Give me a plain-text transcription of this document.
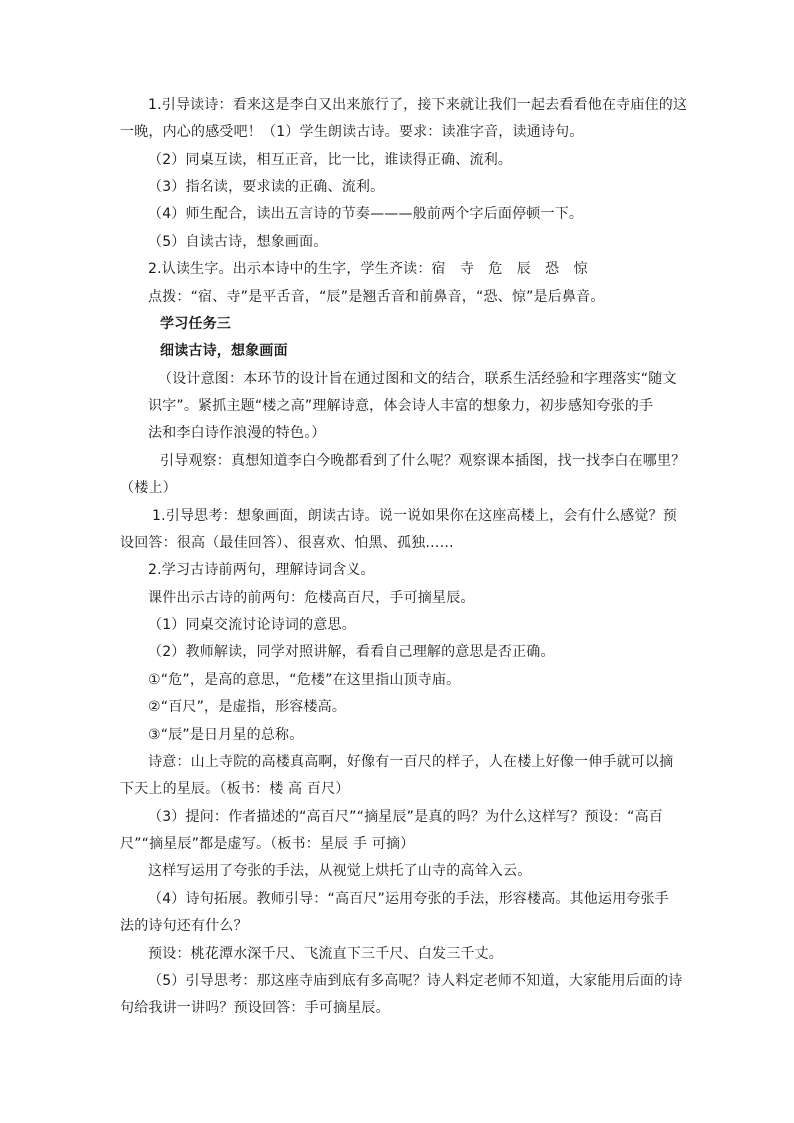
1.引导读诗：看来这是李白又出来旅行了，接下来就让我们一起去看看他在寺庙住的这
一晚，内心的感受吧！（1）学生朗读古诗。要求：读准字音，读通诗句。
（2）同桌互读，相互正音，比一比，谁读得正确、流利。
（3）指名读，要求读的正确、流利。
（4）师生配合，读出五言诗的节奏———般前两个字后面停顿一下。
（5）自读古诗，想象画面。
2.认读生字。出示本诗中的生字，学生齐读：宿　寺　危　辰　恐　惊
点拨：“宿、寺”是平舌音，“辰”是翘舌音和前鼻音，“恐、惊”是后鼻音。
学习任务三
细读古诗，想象画面
（设计意图：本环节的设计旨在通过图和文的结合，联系生活经验和字理落实“随文
识字”。紧抓主题“楼之高”理解诗意，体会诗人丰富的想象力，初步感知夸张的手
法和李白诗作浪漫的特色。）
引导观察：真想知道李白今晚都看到了什么呢？观察课本插图，找一找李白在哪里？
（楼上）
1.引导思考：想象画面，朗读古诗。说一说如果你在这座高楼上，会有什么感觉？预
设回答：很高（最佳回答）、很喜欢、怕黑、孤独……
2.学习古诗前两句，理解诗词含义。
课件出示古诗的前两句：危楼高百尺，手可摘星辰。
（1）同桌交流讨论诗词的意思。
（2）教师解读，同学对照讲解，看看自己理解的意思是否正确。
①“危”，是高的意思，“危楼”在这里指山顶寺庙。
②“百尺”，是虚指，形容楼高。
③“辰”是日月星的总称。
诗意：山上寺院的高楼真高啊，好像有一百尺的样子，人在楼上好像一伸手就可以摘
下天上的星辰。（板书：楼 高 百尺）
（3）提问：作者描述的“高百尺”“摘星辰”是真的吗？为什么这样写？预设：“高百
尺”“摘星辰”都是虚写。（板书：星辰 手 可摘）
这样写运用了夸张的手法，从视觉上烘托了山寺的高耸入云。
（4）诗句拓展。教师引导：“高百尺”运用夸张的手法，形容楼高。其他运用夸张手
法的诗句还有什么？
预设：桃花潭水深千尺、飞流直下三千尺、白发三千丈。
（5）引导思考：那这座寺庙到底有多高呢？诗人料定老师不知道，大家能用后面的诗
句给我讲一讲吗？预设回答：手可摘星辰。
